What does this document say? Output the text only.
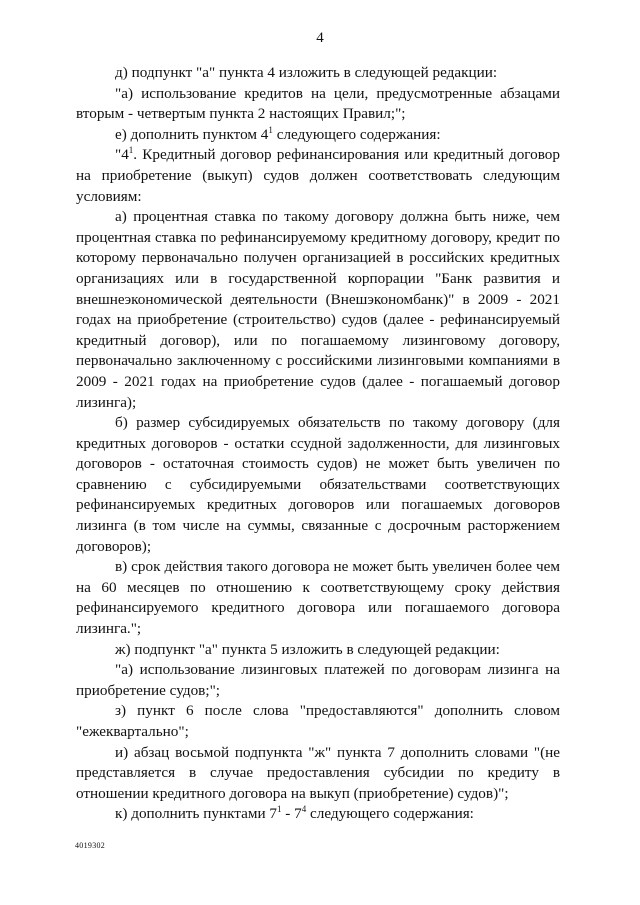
4

д) подпункт "а" пункта 4 изложить в следующей редакции:

"а) использование кредитов на цели, предусмотренные абзацами вторым - четвертым пункта 2 настоящих Правил;";

е) дополнить пунктом $4^1$ следующего содержания:

"$4^1$. Кредитный договор рефинансирования или кредитный договор на приобретение (выкуп) судов должен соответствовать следующим условиям:

а) процентная ставка по такому договору должна быть ниже, чем процентная ставка по рефинансируемому кредитному договору, кредит по которому первоначально получен организацией в российских кредитных организациях или в государственной корпорации "Банк развития и внешнеэкономической деятельности (Внешэкономбанк)" в 2009 - 2021 годах на приобретение (строительство) судов (далее - рефинансируемый кредитный договор), или по погашаемому лизинговому договору, первоначально заключенному с российскими лизинговыми компаниями в 2009 - 2021 годах на приобретение судов (далее - погашаемый договор лизинга);

б) размер субсидируемых обязательств по такому договору (для кредитных договоров - остатки ссудной задолженности, для лизинговых договоров - остаточная стоимость судов) не может быть увеличен по сравнению с субсидируемыми обязательствами соответствующих рефинансируемых кредитных договоров или погашаемых договоров лизинга (в том числе на суммы, связанные с досрочным расторжением договоров);

в) срок действия такого договора не может быть увеличен более чем на 60 месяцев по отношению к соответствующему сроку действия рефинансируемого кредитного договора или погашаемого договора лизинга.";

ж) подпункт "а" пункта 5 изложить в следующей редакции:

"а) использование лизинговых платежей по договорам лизинга на приобретение судов;";

з) пункт 6 после слова "предоставляются" дополнить словом "ежеквартально";

и) абзац восьмой подпункта "ж" пункта 7 дополнить словами "(не представляется в случае предоставления субсидии по кредиту в отношении кредитного договора на выкуп (приобретение) судов)";

к) дополнить пунктами $7^1 - 7^4$ следующего содержания:

4019302
